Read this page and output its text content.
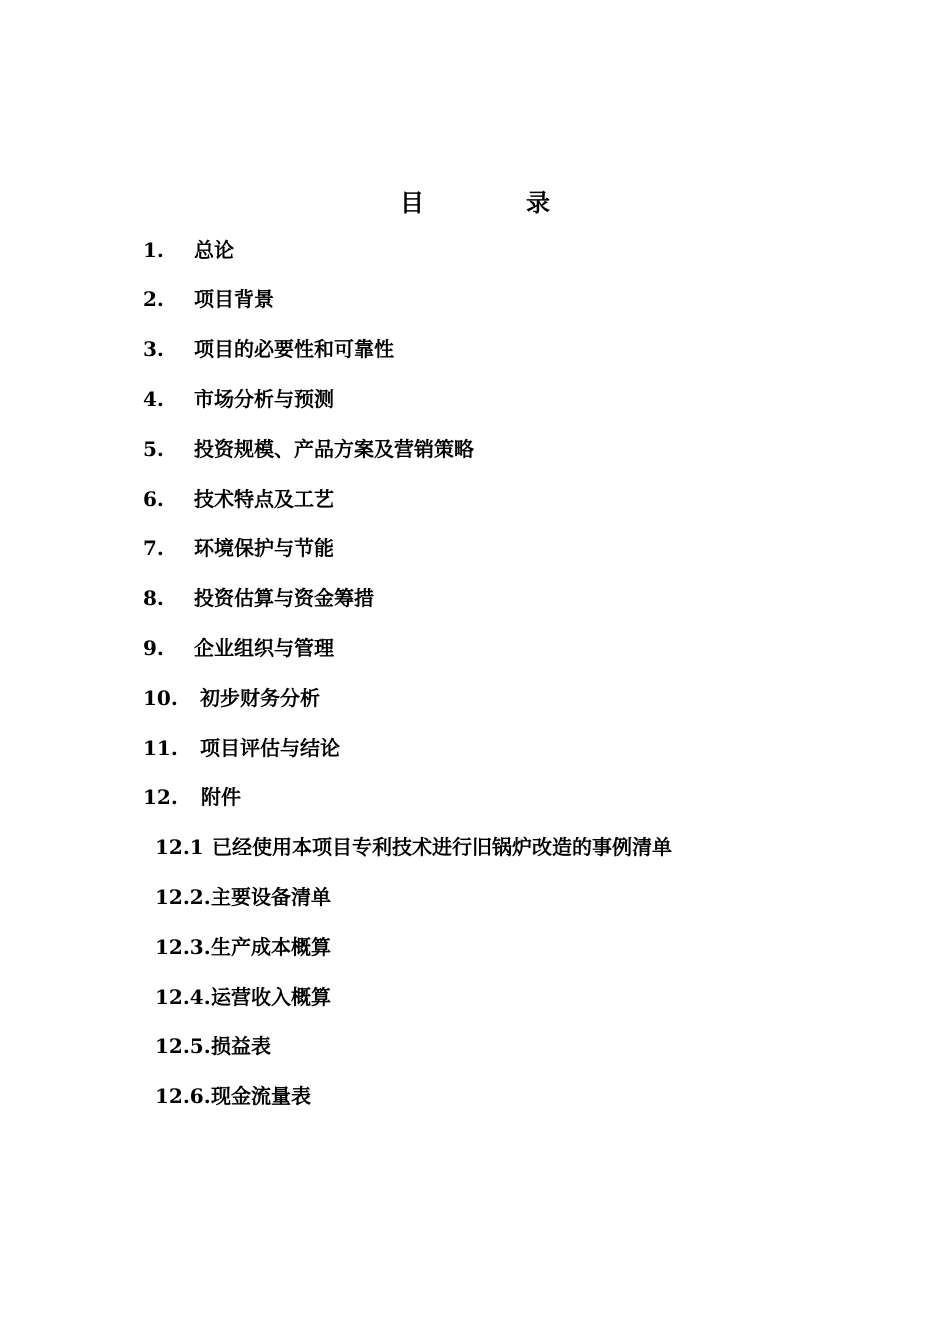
目	录
1. 总论
2. 项目背景
3. 项目的必要性和可靠性
4. 市场分析与预测
5. 投资规模、产品方案及营销策略
6. 技术特点及工艺
7. 环境保护与节能
8. 投资估算与资金筹措
9. 企业组织与管理
10. 初步财务分析
11. 项目评估与结论
12. 附件
12.1 已经使用本项目专利技术进行旧锅炉改造的事例清单
12.2.主要设备清单
12.3.生产成本概算
12.4.运营收入概算
12.5.损益表
12.6.现金流量表
